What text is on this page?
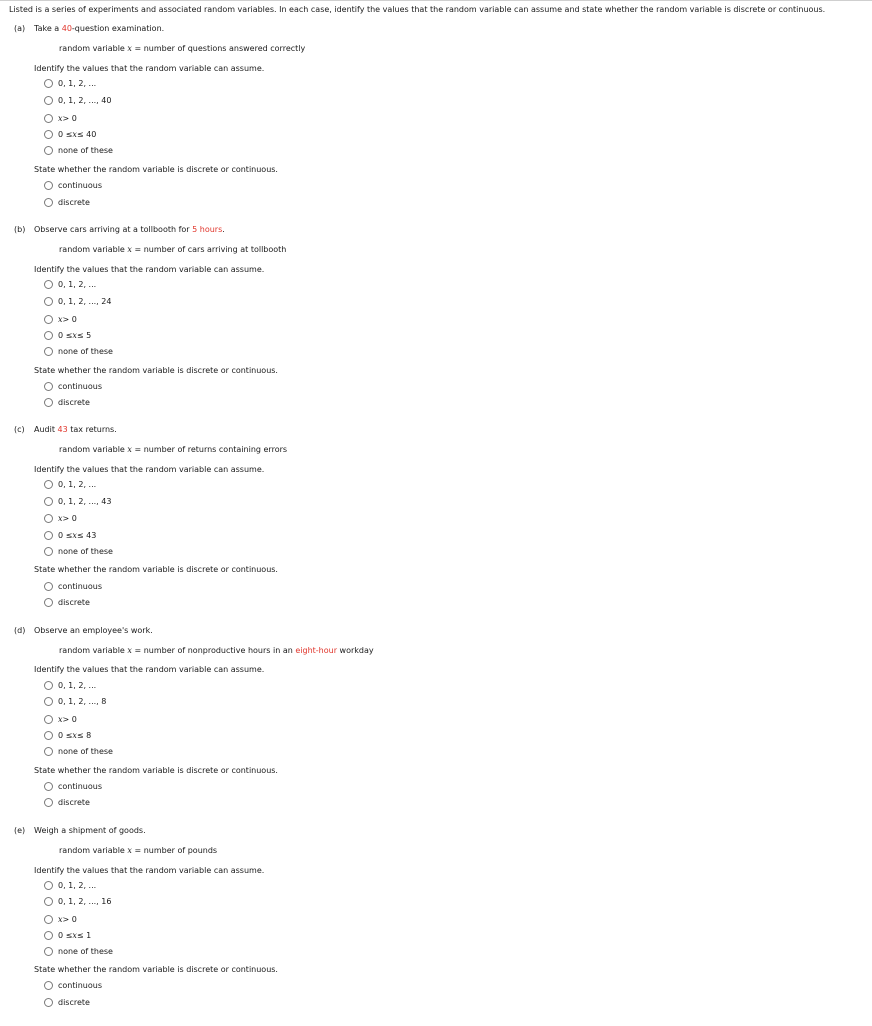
Listed is a series of experiments and associated random variables. In each case, identify the values that the random variable can assume and state whether the random variable is discrete or continuous.
(a) Take a 40-question examination.
random variable x = number of questions answered correctly
Identify the values that the random variable can assume.
0, 1, 2, ...
0, 1, 2, ..., 40
x > 0
0 ≤ x ≤ 40
none of these
State whether the random variable is discrete or continuous.
continuous
discrete
(b) Observe cars arriving at a tollbooth for 5 hours.
random variable x = number of cars arriving at tollbooth
Identify the values that the random variable can assume.
0, 1, 2, ...
0, 1, 2, ..., 24
x > 0
0 ≤ x ≤ 5
none of these
State whether the random variable is discrete or continuous.
continuous
discrete
(c) Audit 43 tax returns.
random variable x = number of returns containing errors
Identify the values that the random variable can assume.
0, 1, 2, ...
0, 1, 2, ..., 43
x > 0
0 ≤ x ≤ 43
none of these
State whether the random variable is discrete or continuous.
continuous
discrete
(d) Observe an employee's work.
random variable x = number of nonproductive hours in an eight-hour workday
Identify the values that the random variable can assume.
0, 1, 2, ...
0, 1, 2, ..., 8
x > 0
0 ≤ x ≤ 8
none of these
State whether the random variable is discrete or continuous.
continuous
discrete
(e) Weigh a shipment of goods.
random variable x = number of pounds
Identify the values that the random variable can assume.
0, 1, 2, ...
0, 1, 2, ..., 16
x > 0
0 ≤ x ≤ 1
none of these
State whether the random variable is discrete or continuous.
continuous
discrete
